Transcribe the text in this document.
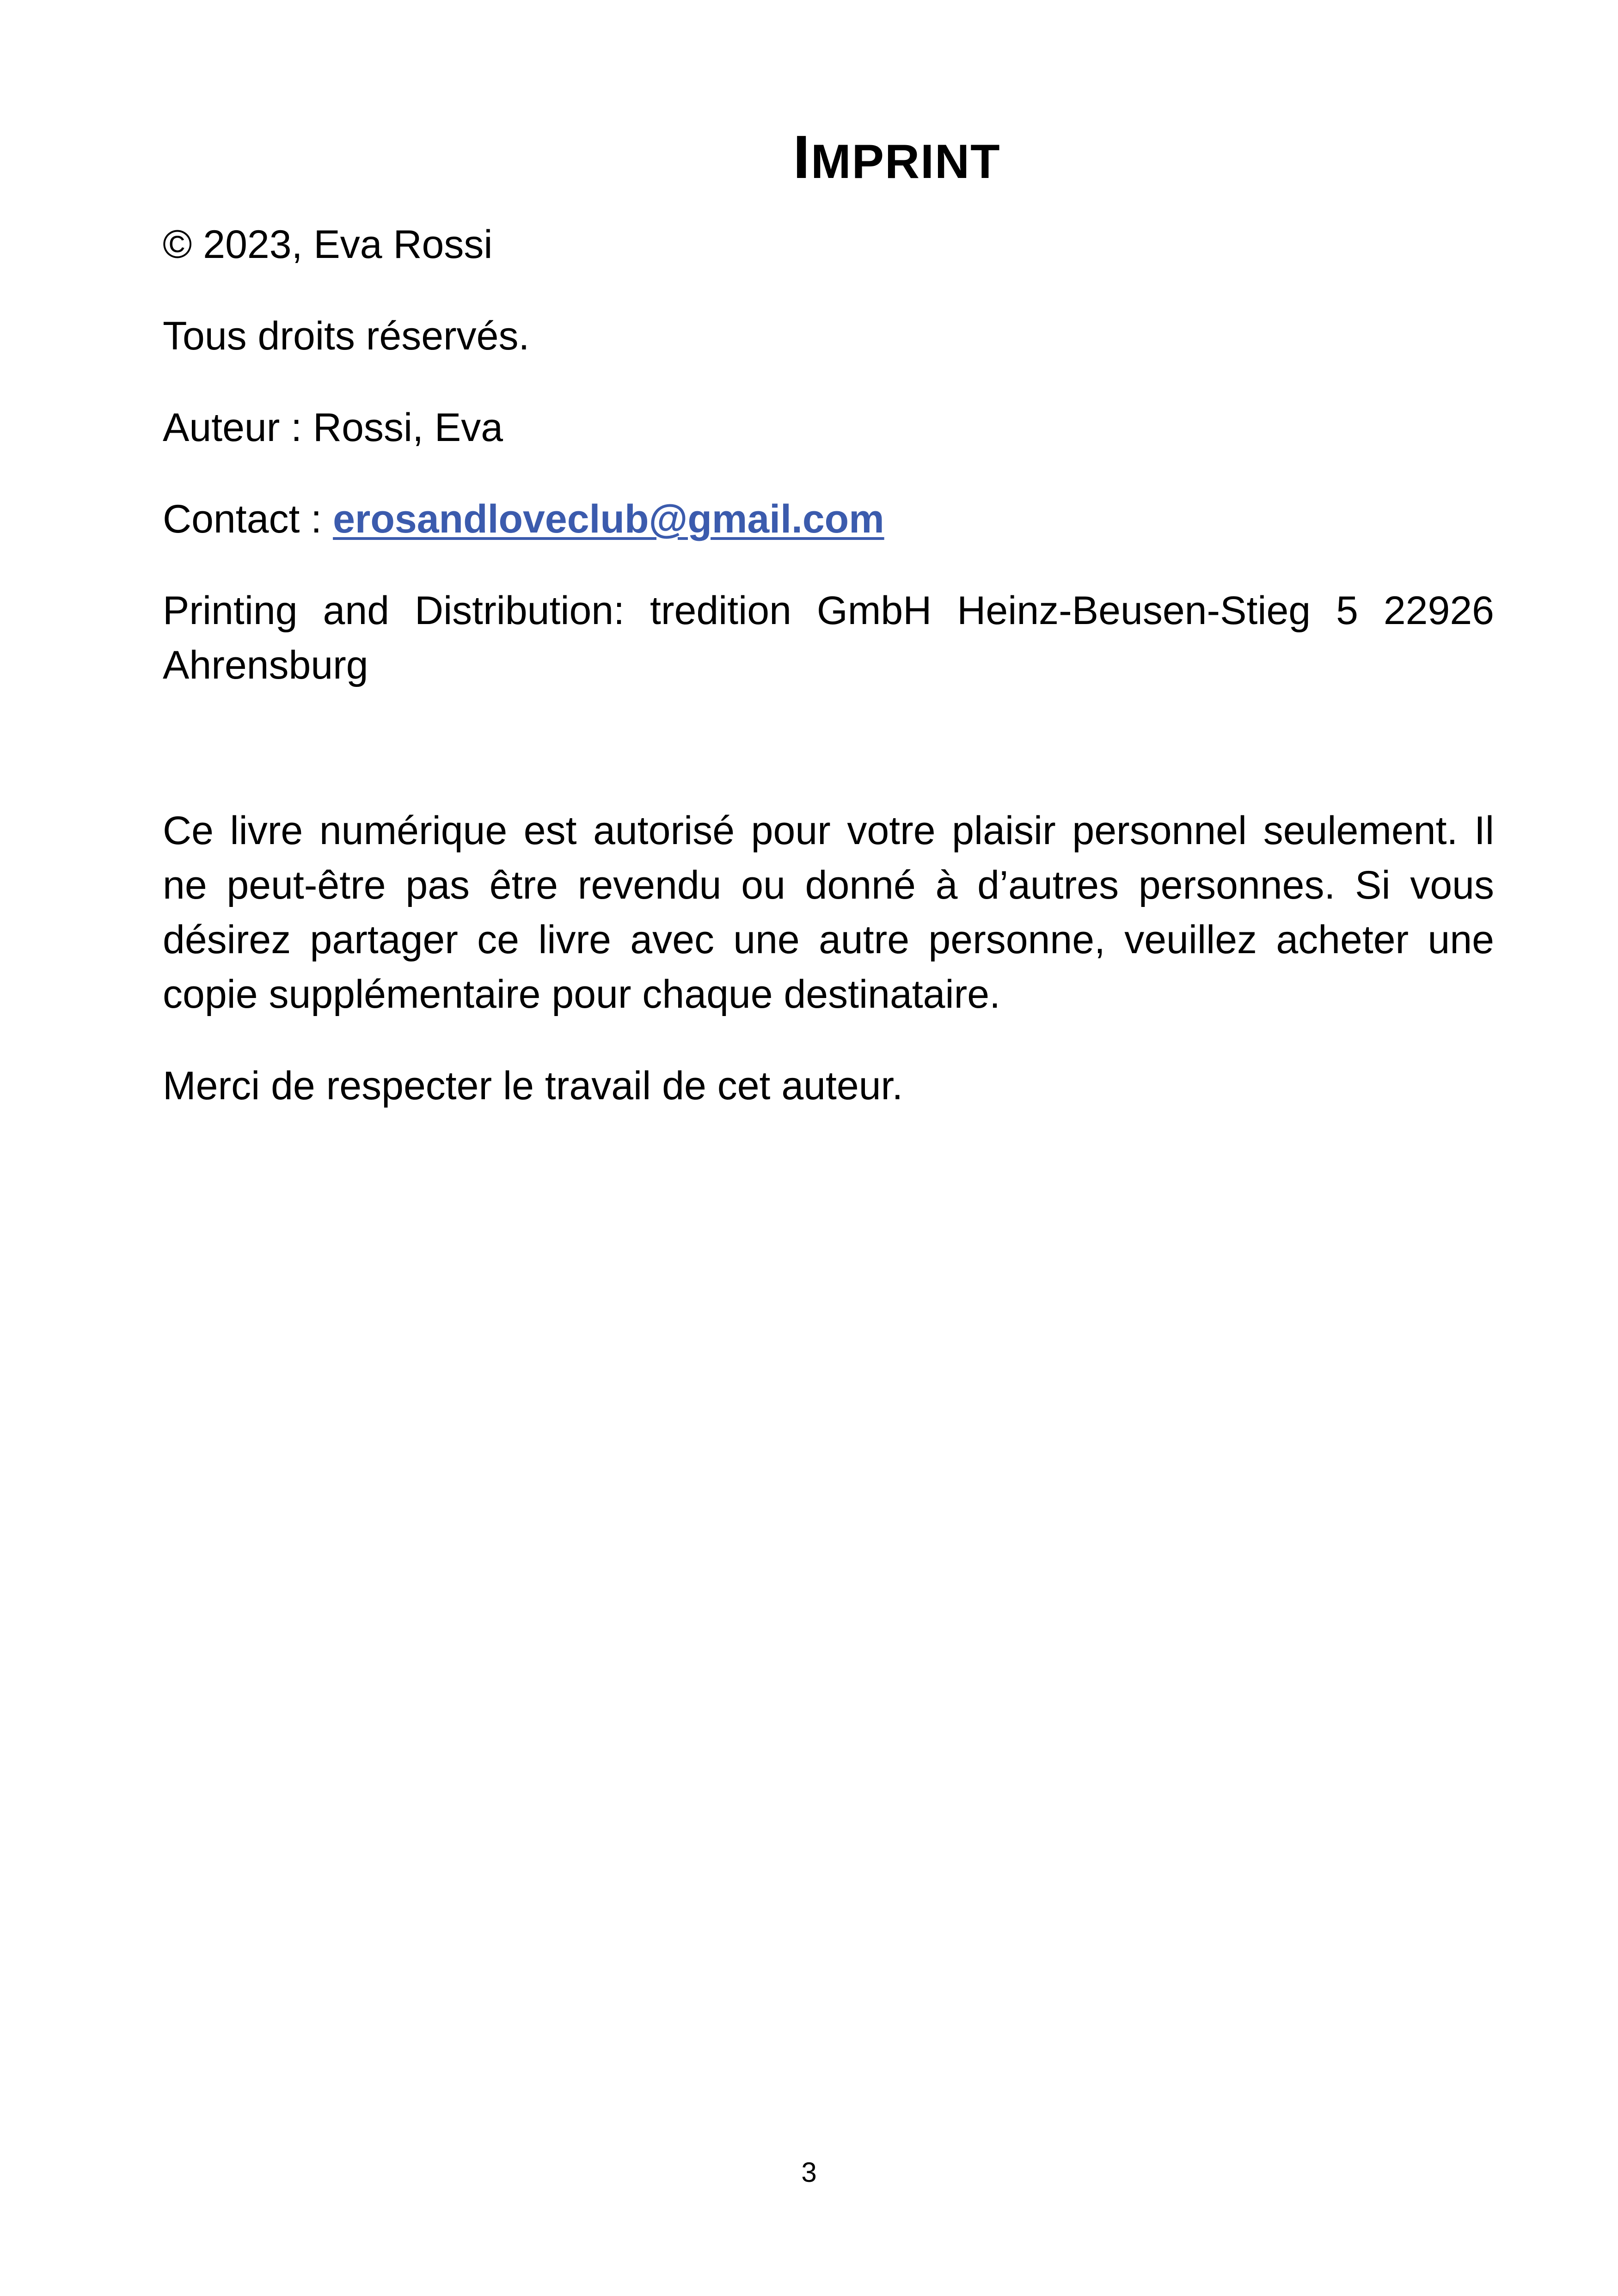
IMPRINT

© 2023, Eva Rossi

Tous droits réservés.

Auteur : Rossi, Eva

Contact : erosandloveclub@gmail.com

Printing and Distribution: tredition GmbH Heinz-Beusen-Stieg 5 22926 Ahrensburg

Ce livre numérique est autorisé pour votre plaisir personnel seulement. Il ne peut-être pas être revendu ou donné à d’autres personnes. Si vous désirez partager ce livre avec une autre personne, veuillez acheter une copie supplémentaire pour chaque destinataire.

Merci de respecter le travail de cet auteur.

3
